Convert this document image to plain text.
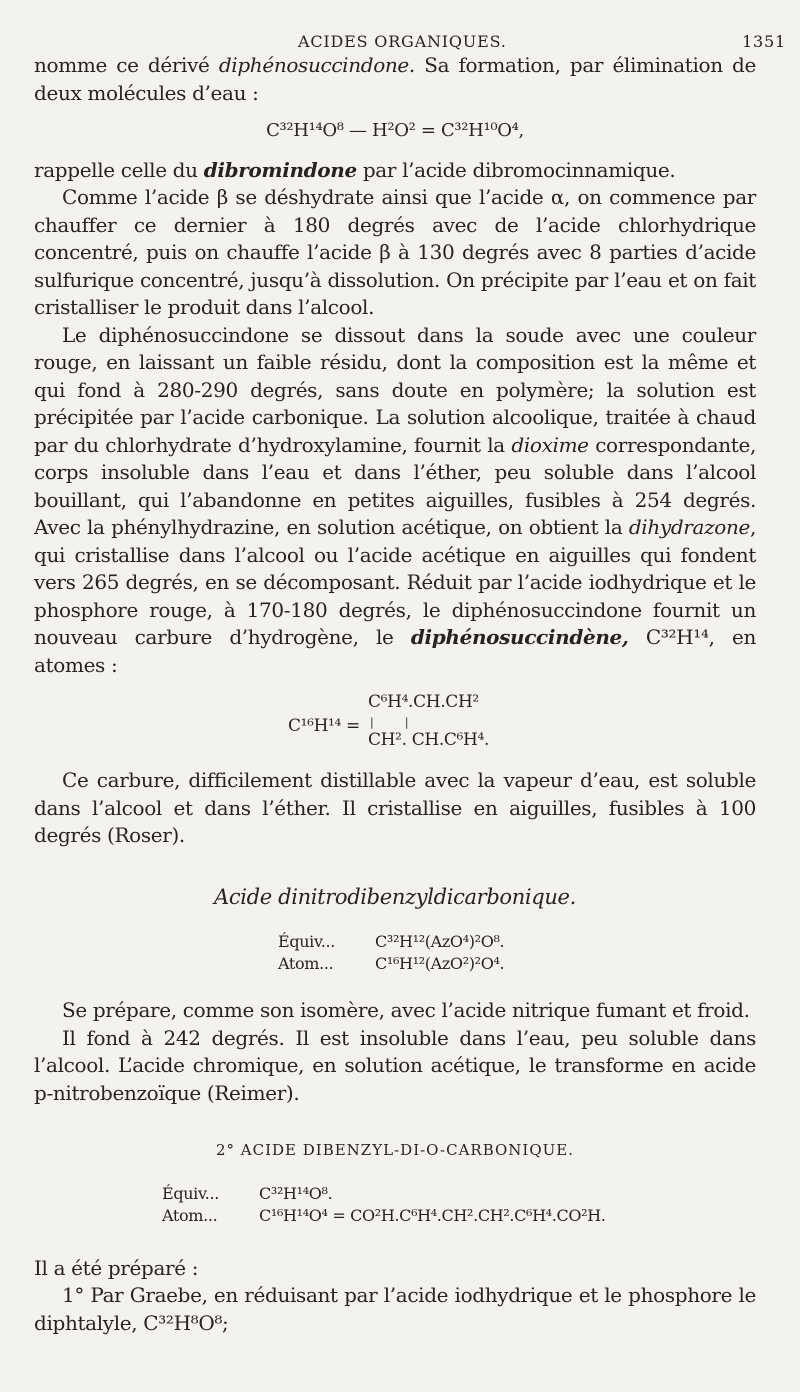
ACIDES ORGANIQUES.	1351

nomme ce dérivé diphénosuccindone. Sa formation, par élimination de deux molécules d’eau :

C³²H¹⁴O⁸ — H²O² = C³²H¹⁰O⁴,

rappelle celle du dibromindone par l’acide dibromocinnamique.

Comme l’acide β se déshydrate ainsi que l’acide α, on commence par chauffer ce dernier à 180 degrés avec de l’acide chlorhydrique concentré, puis on chauffe l’acide β à 130 degrés avec 8 parties d’acide sulfurique concentré, jusqu’à dissolution. On précipite par l’eau et on fait cristalliser le produit dans l’alcool.

Le diphénosuccindone se dissout dans la soude avec une couleur rouge, en laissant un faible résidu, dont la composition est la même et qui fond à 280-290 degrés, sans doute en polymère; la solution est précipitée par l’acide carbonique. La solution alcoolique, traitée à chaud par du chlorhydrate d’hydroxylamine, fournit la dioxime correspondante, corps insoluble dans l’eau et dans l’éther, peu soluble dans l’alcool bouillant, qui l’abandonne en petites aiguilles, fusibles à 254 degrés. Avec la phénylhydrazine, en solution acétique, on obtient la dihydrazone, qui cristallise dans l’alcool ou l’acide acétique en aiguilles qui fondent vers 265 degrés, en se décomposant. Réduit par l’acide iodhydrique et le phosphore rouge, à 170-180 degrés, le diphénosuccindone fournit un nouveau carbure d’hydrogène, le diphénosuccindène, C³²H¹⁴, en atomes :

C¹⁶H¹⁴ =
C⁶H⁴.CH.CH²
|          |
CH². CH.C⁶H⁴.

Ce carbure, difficilement distillable avec la vapeur d’eau, est soluble dans l’alcool et dans l’éther. Il cristallise en aiguilles, fusibles à 100 degrés (Roser).

Acide dinitrodibenzyldicarbonique.
Équiv...	C³²H¹²(AzO⁴)²O⁸.
Atom...	C¹⁶H¹²(AzO²)²O⁴.

Se prépare, comme son isomère, avec l’acide nitrique fumant et froid.

Il fond à 242 degrés. Il est insoluble dans l’eau, peu soluble dans l’alcool. L’acide chromique, en solution acétique, le transforme en acide p-nitrobenzoïque (Reimer).

2° ACIDE DIBENZYL-DI-O-CARBONIQUE.
Équiv...	C³²H¹⁴O⁸.
Atom...	C¹⁶H¹⁴O⁴ = CO²H.C⁶H⁴.CH².CH².C⁶H⁴.CO²H.

Il a été préparé :

1° Par Graebe, en réduisant par l’acide iodhydrique et le phosphore le diphtalyle, C³²H⁸O⁸;
